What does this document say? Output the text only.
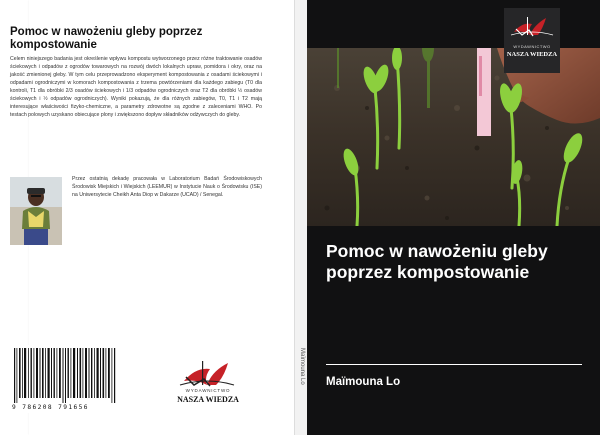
Pomoc w nawożeniu gleby poprzez kompostowanie

Celem niniejszego badania jest określenie wpływu kompostu wytworzonego przez różne traktowanie osadów ściekowych i odpadów z ogrodów towarowych na rozwój dwóch lokalnych upraw, pomidora i okry, oraz na jakość zmienionej gleby. W tym celu przeprowadzono eksperyment kompostowania z osadami ściekowymi i odpadami ogrodniczymi w komorach kompostowania z trzema powtórzeniami dla każdego zabiegu (T0 dla kontroli, T1 dla obróbki 2/3 osadów ściekowych i 1/3 odpadów ogrodniczych oraz T2 dla obróbki ½ osadów ściekowych i ½ odpadów ogrodniczych). Wyniki pokazują, że dla różnych zabiegów, T0, T1 i T2 mają interesujące właściwości fizyko-chemiczne, a parametry zdrowotne są zgodne z zaleceniami WHO. Po testach polowych uzyskano obiecujące plony i zwiększono dopływ składników odżywczych do gleby.

Przez ostatnią dekadę pracowała w Laboratorium Badań Środowiskowych Środowisk Miejskich i Wiejskich (LEEMUR) w Instytucie Nauk o Środowisku (ISE) na Uniwersytecie Cheikh Anta Diop w Dakarze (UCAD) / Senegal.

9 786208 791656
WYDAWNICTWO
NASZA WIEDZA
Maïmouna Lo
WYDAWNICTWO
NASZA WIEDZA
Pomoc w nawożeniu gleby poprzez kompostowanie
Maïmouna Lo
